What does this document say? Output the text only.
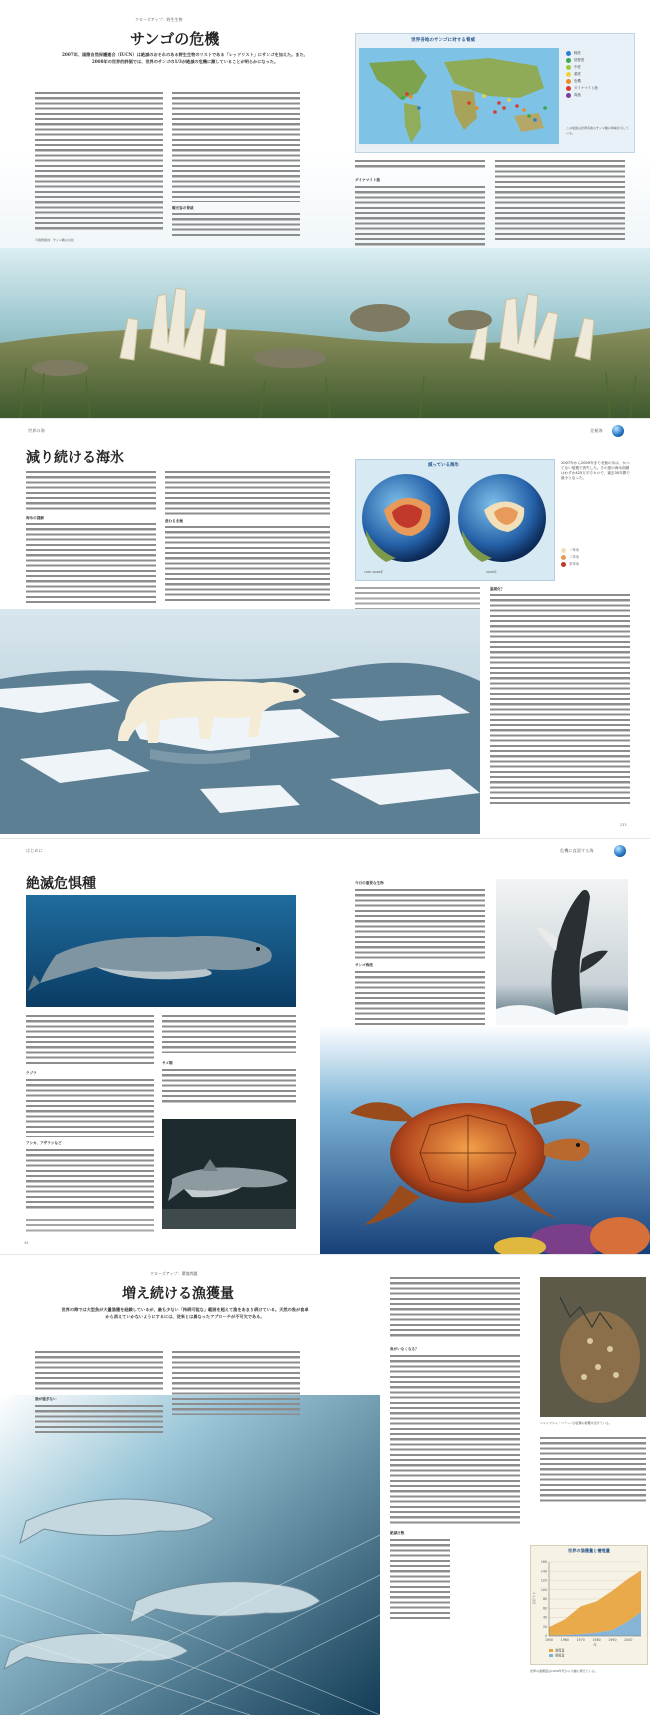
クローズアップ：野生生物
サンゴの危機
2007年、国際自然保護連合（IUCN）は絶滅のおそれのある野生生物のリストである「レッドリスト」にサンゴを加えた。また、2008年の世界的評価では、世界のサンゴの1/3が絶滅の危機に瀕していることが明らかになった。
観光客の脅威
※画像提供：サンゴ礁の白化
世界各地のサンゴに対する脅威
軽度
低程度
中度
重度
危機
ダイナマイト漁
毒漁
この地図は世界各地のサンゴ礁の脅威を示している。
ダイナマイト漁
世界の海	北極海
減り続ける海氷
海氷の謎解
進むる北極
減っている海氷
1987-2008年	2008年
2007年から2009年まで北極の氷は、かつてない規模で消失した。その夏の海氷面積はわずか425万平方キロで、過去30年間で最小となった。
一年氷
二年氷
多年氷
温暖化？
233
はじめに	危機に直面する海
絶滅危惧種
クジラ
アシカ、アザラシなど
サメ類
今日の重要な生物
サンゴ海流
34
クローズアップ：環境問題
増え続ける漁獲量
世界の海では大型魚が大量漁獲を経験しているが、最も少ない「持続可能な」範囲を超えて漁をあまり続けている。天然の魚が食卓から消えていかないようにするには、従来とは異なったアプローチが不可欠である。
漁が過ぎない
魚がいなくなる？
絶滅日数
ニシンマシャ・コラーバが混獲の影響を受けている。
世界の漁獲量と養殖量
0
20
40
60
80
100
120
140
160
1950 1960 1970 1980 1990 2000
百万トン
年
漁獲量
養殖量
世界の漁獲量は1950年代から大幅に増えている。
